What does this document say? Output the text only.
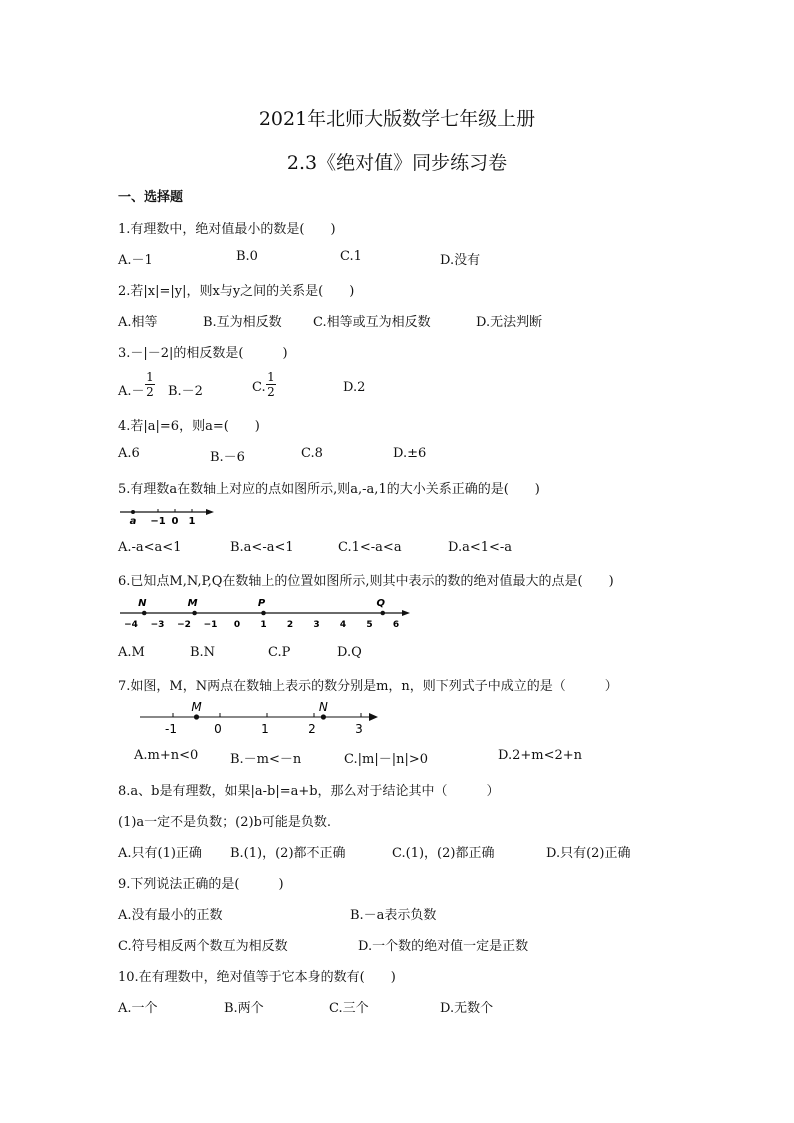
2021年北师大版数学七年级上册
2.3《绝对值》同步练习卷
一、选择题
1.有理数中，绝对值最小的数是(　　)
A.－1	B.0	C.1	D.没有
2.若|x|=|y|，则x与y之间的关系是(　　)
A.相等	B.互为相反数 C.相等或互为相反数	D.无法判断
3.－|－2|的相反数是(　　　)
$A.- \frac{1}{2} B.-2$	C. $\frac{1}{2}$	D.2
4.若|a|=6，则a=(　　)
A.6	B.－6	C.8	D.±6
5.有理数a在数轴上对应的点如图所示,则a,-a,1的大小关系正确的是(　　)
a −1 0 1
A.-a<a<1	B.a<-a<1	C.1<-a<a	D.a<1<-a
6.已知点M,N,P,Q在数轴上的位置如图所示,则其中表示的数的绝对值最大的点是(　　)
−4 −3 −2 −1 0 1 2 3 4 5 6
N	M	P	Q
A.M	B.N	C.P	D.Q
7.如图，M，N两点在数轴上表示的数分别是m，n，则下列式子中成立的是（　　　）
-1	0	1	2	3
M	N
A.m+n<0 B.－m<－n	C.|m|－|n|>0	D.2+m<2+n
8.a、b是有理数，如果|a-b|=a+b，那么对于结论其中（　　　）
(1)a一定不是负数；(2)b可能是负数.
A.只有(1)正确 B.(1)，(2)都不正确	C.(1)，(2)都正确	D.只有(2)正确
9.下列说法正确的是(　　　)
A.没有最小的正数	B.－a表示负数
C.符号相反两个数互为相反数	D.一个数的绝对值一定是正数
10.在有理数中，绝对值等于它本身的数有(　　)
A.一个	B.两个	C.三个	D.无数个
